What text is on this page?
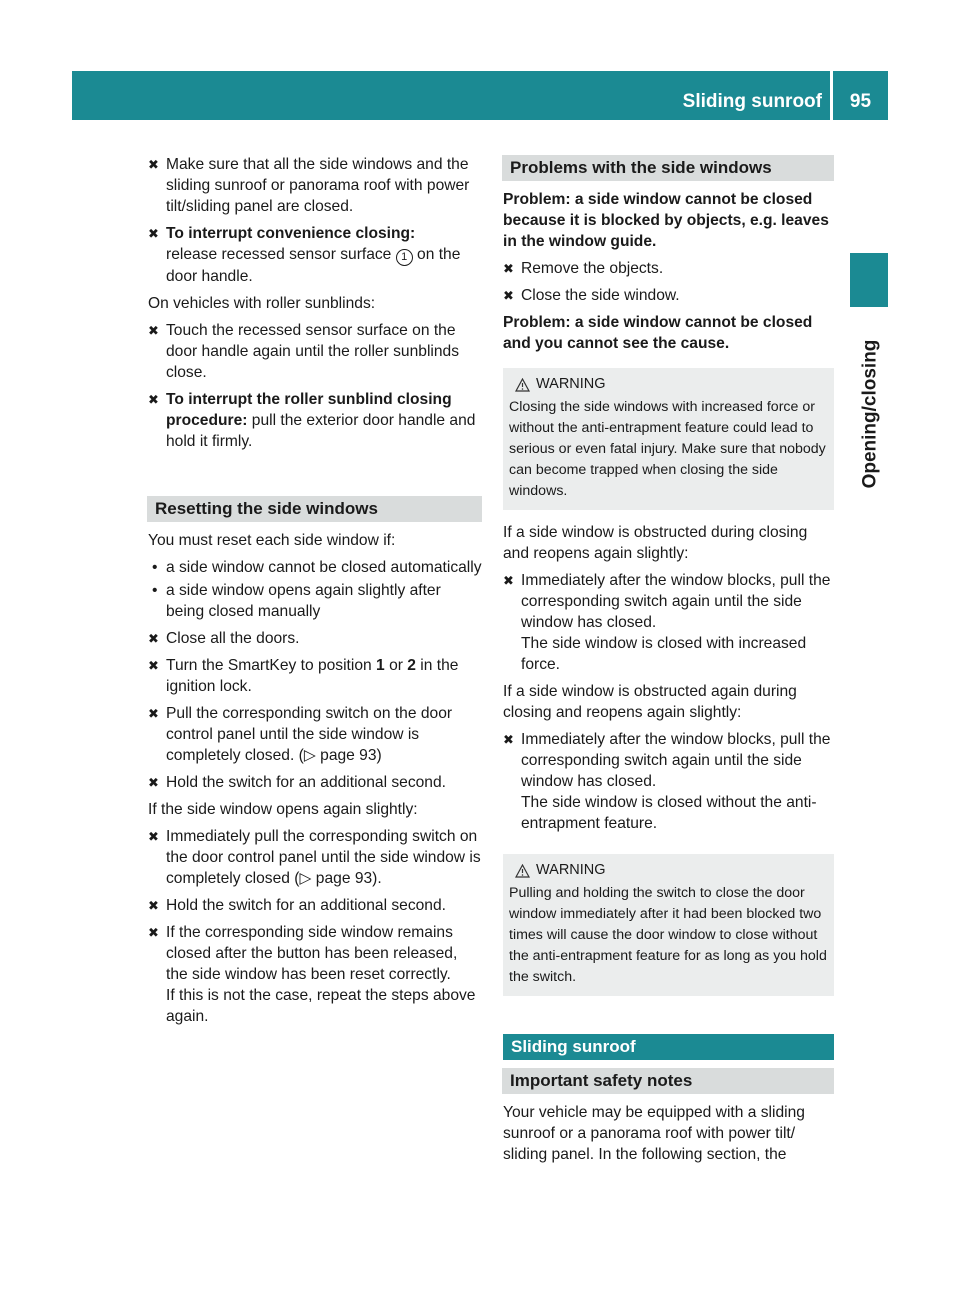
Sliding sunroof	95
Opening/closing
✖ Make sure that all the side windows and the sliding sunroof or panorama roof with power tilt/sliding panel are closed.
✖ To interrupt convenience closing:
release recessed sensor surface 1 on the door handle.

On vehicles with roller sunblinds:

✖ Touch the recessed sensor surface on the door handle again until the roller sunblinds close.
✖ To interrupt the roller sunblind closing procedure: pull the exterior door handle and hold it firmly.
Resetting the side windows

You must reset each side window if:

• a side window cannot be closed automatically
• a side window opens again slightly after being closed manually
✖ Close all the doors.
✖ Turn the SmartKey to position 1 or 2 in the ignition lock.
✖ Pull the corresponding switch on the door control panel until the side window is completely closed. (▷ page 93)
✖ Hold the switch for an additional second.

If the side window opens again slightly:

✖ Immediately pull the corresponding switch on the door control panel until the side window is completely closed (▷ page 93).
✖ Hold the switch for an additional second.
✖ If the corresponding side window remains closed after the button has been released, the side window has been reset correctly.
If this is not the case, repeat the steps above again.
Problems with the side windows

Problem: a side window cannot be closed because it is blocked by objects, e.g. leaves in the window guide.

✖ Remove the objects.
✖ Close the side window.

Problem: a side window cannot be closed and you cannot see the cause.

WARNING

Closing the side windows with increased force or without the anti-entrapment feature could lead to serious or even fatal injury. Make sure that nobody can become trapped when closing the side windows.

If a side window is obstructed during closing and reopens again slightly:

✖ Immediately after the window blocks, pull the corresponding switch again until the side window has closed.
The side window is closed with increased force.

If a side window is obstructed again during closing and reopens again slightly:

✖ Immediately after the window blocks, pull the corresponding switch again until the side window has closed.
The side window is closed without the anti-entrapment feature.
WARNING

Pulling and holding the switch to close the door window immediately after it had been blocked two times will cause the door window to close without the anti-entrapment feature for as long as you hold the switch.

Sliding sunroof
Important safety notes

Your vehicle may be equipped with a sliding sunroof or a panorama roof with power tilt/ sliding panel. In the following section, the
